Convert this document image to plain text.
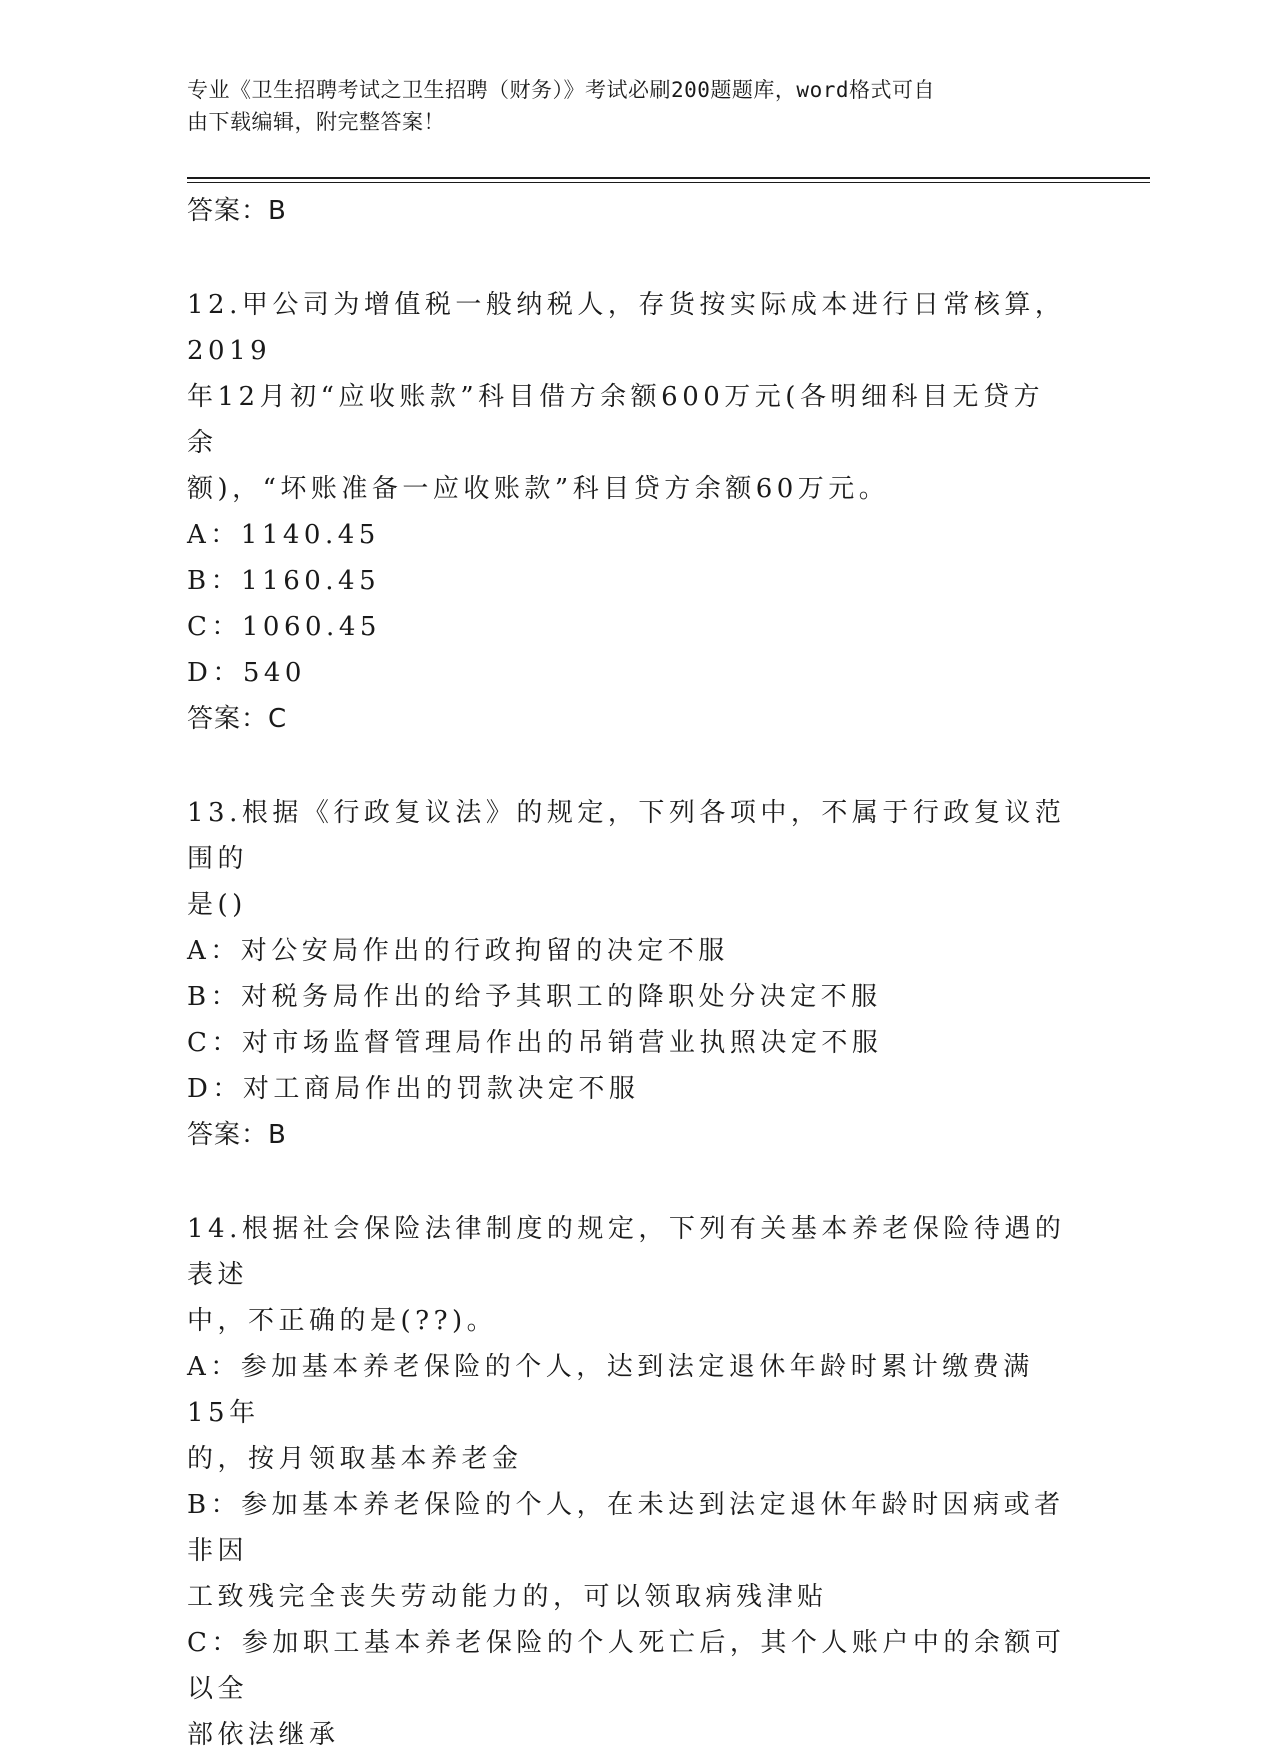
专业《卫生招聘考试之卫生招聘（财务）》考试必刷200题题库，word格式可自
由下载编辑，附完整答案！
答案：B
12.甲公司为增值税一般纳税人，存货按实际成本进行日常核算，2019
年12月初“应收账款”科目借方余额600万元(各明细科目无贷方余
额)，“坏账准备一应收账款”科目贷方余额60万元。
A：1140.45
B：1160.45
C：1060.45
D：540
答案：C
13.根据《行政复议法》的规定，下列各项中，不属于行政复议范围的
是()
A：对公安局作出的行政拘留的决定不服
B：对税务局作出的给予其职工的降职处分决定不服
C：对市场监督管理局作出的吊销营业执照决定不服
D：对工商局作出的罚款决定不服
答案：B
14.根据社会保险法律制度的规定，下列有关基本养老保险待遇的表述
中，不正确的是(??)。
A：参加基本养老保险的个人，达到法定退休年龄时累计缴费满15年
的，按月领取基本养老金
B：参加基本养老保险的个人，在未达到法定退休年龄时因病或者非因
工致残完全丧失劳动能力的，可以领取病残津贴
C：参加职工基本养老保险的个人死亡后，其个人账户中的余额可以全
部依法继承
